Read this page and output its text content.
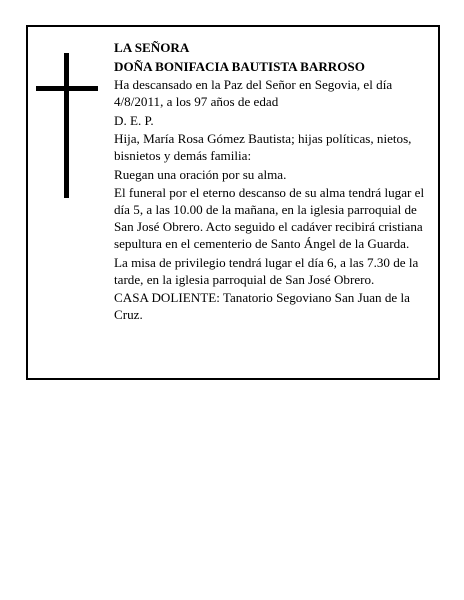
LA SEÑORA

DOÑA BONIFACIA BAUTISTA BARROSO

Ha descansado en la Paz del Señor en Segovia, el día 4/8/2011, a los 97 años de edad

D. E. P.

Hija, María Rosa Gómez Bautista; hijas políticas, nietos, bisnietos y demás familia:

Ruegan una oración por su alma.

El funeral por el eterno descanso de su alma tendrá lugar el día 5, a las 10.00 de la mañana, en la iglesia parroquial de San José Obrero. Acto seguido el cadáver recibirá cristiana sepultura en el cementerio de Santo Ángel de la Guarda.

La misa de privilegio tendrá lugar el día 6, a las 7.30 de la tarde, en la iglesia parroquial de San José Obrero.

CASA DOLIENTE: Tanatorio Segoviano San Juan de la Cruz.
